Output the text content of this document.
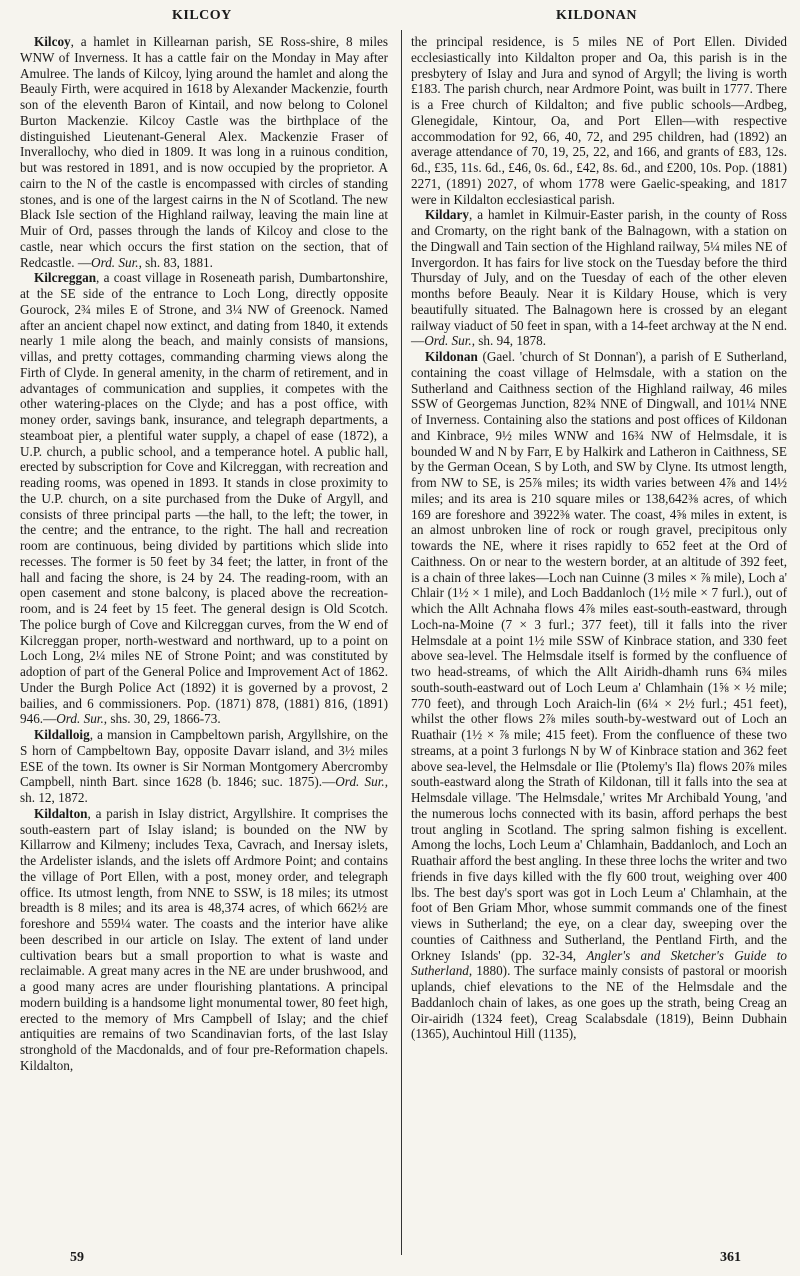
KILCOY	KILDONAN

Kilcoy, a hamlet in Killearnan parish, SE Ross-shire, 8 miles WNW of Inverness. It has a cattle fair on the Monday in May after Amulree. The lands of Kilcoy, lying around the hamlet and along the Beauly Firth, were acquired in 1618 by Alexander Mackenzie, fourth son of the eleventh Baron of Kintail, and now belong to Colonel Burton Mackenzie. Kilcoy Castle was the birthplace of the distinguished Lieutenant-General Alex. Mackenzie Fraser of Inverallochy, who died in 1809. It was long in a ruinous condition, but was restored in 1891, and is now occupied by the proprietor. A cairn to the N of the castle is encompassed with circles of standing stones, and is one of the largest cairns in the N of Scotland. The new Black Isle section of the Highland railway, leaving the main line at Muir of Ord, passes through the lands of Kilcoy and close to the castle, near which occurs the first station on the section, that of Redcastle. —Ord. Sur., sh. 83, 1881.

Kilcreggan, a coast village in Roseneath parish, Dumbartonshire, at the SE side of the entrance to Loch Long, directly opposite Gourock, 2¾ miles E of Strone, and 3¼ NW of Greenock. Named after an ancient chapel now extinct, and dating from 1840, it extends nearly 1 mile along the beach, and mainly consists of mansions, villas, and pretty cottages, commanding charming views along the Firth of Clyde. In general amenity, in the charm of retirement, and in advantages of communication and supplies, it competes with the other watering-places on the Clyde; and has a post office, with money order, savings bank, insurance, and telegraph departments, a steamboat pier, a plentiful water supply, a chapel of ease (1872), a U.P. church, a public school, and a temperance hotel. A public hall, erected by subscription for Cove and Kilcreggan, with recreation and reading rooms, was opened in 1893. It stands in close proximity to the U.P. church, on a site purchased from the Duke of Argyll, and consists of three principal parts —the hall, to the left; the tower, in the centre; and the entrance, to the right. The hall and recreation room are continuous, being divided by partitions which slide into recesses. The former is 50 feet by 34 feet; the latter, in front of the hall and facing the shore, is 24 by 24. The reading-room, with an open casement and stone balcony, is placed above the recreation-room, and is 24 feet by 15 feet. The general design is Old Scotch. The police burgh of Cove and Kilcreggan curves, from the W end of Kilcreggan proper, north-westward and northward, up to a point on Loch Long, 2¼ miles NE of Strone Point; and was constituted by adoption of part of the General Police and Improvement Act of 1862. Under the Burgh Police Act (1892) it is governed by a provost, 2 bailies, and 6 commissioners. Pop. (1871) 878, (1881) 816, (1891) 946.—Ord. Sur., shs. 30, 29, 1866-73.

Kildalloig, a mansion in Campbeltown parish, Argyllshire, on the S horn of Campbeltown Bay, opposite Davarr island, and 3½ miles ESE of the town. Its owner is Sir Norman Montgomery Abercromby Campbell, ninth Bart. since 1628 (b. 1846; suc. 1875).—Ord. Sur., sh. 12, 1872.

Kildalton, a parish in Islay district, Argyllshire. It comprises the south-eastern part of Islay island; is bounded on the NW by Killarrow and Kilmeny; includes Texa, Cavrach, and Inersay islets, the Ardelister islands, and the islets off Ardmore Point; and contains the village of Port Ellen, with a post, money order, and telegraph office. Its utmost length, from NNE to SSW, is 18 miles; its utmost breadth is 8 miles; and its area is 48,374 acres, of which 662½ are foreshore and 559¼ water. The coasts and the interior have alike been described in our article on Islay. The extent of land under cultivation bears but a small proportion to what is waste and reclaimable. A great many acres in the NE are under brushwood, and a good many acres are under flourishing plantations. A principal modern building is a handsome light monumental tower, 80 feet high, erected to the memory of Mrs Campbell of Islay; and the chief antiquities are remains of two Scandinavian forts, of the last Islay stronghold of the Macdonalds, and of four pre-Reformation chapels. Kildalton,

the principal residence, is 5 miles NE of Port Ellen. Divided ecclesiastically into Kildalton proper and Oa, this parish is in the presbytery of Islay and Jura and synod of Argyll; the living is worth £183. The parish church, near Ardmore Point, was built in 1777. There is a Free church of Kildalton; and five public schools—Ardbeg, Glenegidale, Kintour, Oa, and Port Ellen—with respective accommodation for 92, 66, 40, 72, and 295 children, had (1892) an average attendance of 70, 19, 25, 22, and 166, and grants of £83, 12s. 6d., £35, 11s. 6d., £46, 0s. 6d., £42, 8s. 6d., and £200, 10s. Pop. (1881) 2271, (1891) 2027, of whom 1778 were Gaelic-speaking, and 1817 were in Kildalton ecclesiastical parish.

Kildary, a hamlet in Kilmuir-Easter parish, in the county of Ross and Cromarty, on the right bank of the Balnagown, with a station on the Dingwall and Tain section of the Highland railway, 5¼ miles NE of Invergordon. It has fairs for live stock on the Tuesday before the third Thursday of July, and on the Tuesday of each of the other eleven months before Beauly. Near it is Kildary House, which is very beautifully situated. The Balnagown here is crossed by an elegant railway viaduct of 50 feet in span, with a 14-feet archway at the N end.—Ord. Sur., sh. 94, 1878.

Kildonan (Gael. 'church of St Donnan'), a parish of E Sutherland, containing the coast village of Helmsdale, with a station on the Sutherland and Caithness section of the Highland railway, 46 miles SSW of Georgemas Junction, 82¾ NNE of Dingwall, and 101¼ NNE of Inverness. Containing also the stations and post offices of Kildonan and Kinbrace, 9½ miles WNW and 16¾ NW of Helmsdale, it is bounded W and N by Farr, E by Halkirk and Latheron in Caithness, SE by the German Ocean, S by Loth, and SW by Clyne. Its utmost length, from NW to SE, is 25⅞ miles; its width varies between 4⅞ and 14½ miles; and its area is 210 square miles or 138,642⅜ acres, of which 169 are foreshore and 3922⅜ water. The coast, 4⅝ miles in extent, is an almost unbroken line of rock or rough gravel, precipitous only towards the NE, where it rises rapidly to 652 feet at the Ord of Caithness. On or near to the western border, at an altitude of 392 feet, is a chain of three lakes—Loch nan Cuinne (3 miles × ⅞ mile), Loch a' Chlair (1½ × 1 mile), and Loch Baddanloch (1½ mile × 7 furl.), out of which the Allt Achnaha flows 4⅞ miles east-south-eastward, through Loch-na-Moine (7 × 3 furl.; 377 feet), till it falls into the river Helmsdale at a point 1½ mile SSW of Kinbrace station, and 330 feet above sea-level. The Helmsdale itself is formed by the confluence of two head-streams, of which the Allt Airidh-dhamh runs 6¾ miles south-south-eastward out of Loch Leum a' Chlamhain (1⅝ × ½ mile; 770 feet), and through Loch Araich-lin (6¼ × 2½ furl.; 451 feet), whilst the other flows 2⅞ miles south-by-westward out of Loch an Ruathair (1½ × ⅞ mile; 415 feet). From the confluence of these two streams, at a point 3 furlongs N by W of Kinbrace station and 362 feet above sea-level, the Helmsdale or Ilie (Ptolemy's Ila) flows 20⅞ miles south-eastward along the Strath of Kildonan, till it falls into the sea at Helmsdale village. 'The Helmsdale,' writes Mr Archibald Young, 'and the numerous lochs connected with its basin, afford perhaps the best trout angling in Scotland. The spring salmon fishing is excellent. Among the lochs, Loch Leum a' Chlamhain, Baddanloch, and Loch an Ruathair afford the best angling. In these three lochs the writer and two friends in five days killed with the fly 600 trout, weighing over 400 lbs. The best day's sport was got in Loch Leum a' Chlamhain, at the foot of Ben Griam Mhor, whose summit commands one of the finest views in Sutherland; the eye, on a clear day, sweeping over the counties of Caithness and Sutherland, the Pentland Firth, and the Orkney Islands' (pp. 32-34, Angler's and Sketcher's Guide to Sutherland, 1880). The surface mainly consists of pastoral or moorish uplands, chief elevations to the NE of the Helmsdale and the Baddanloch chain of lakes, as one goes up the strath, being Creag an Oir-airidh (1324 feet), Creag Scalabsdale (1819), Beinn Dubhain (1365), Auchintoul Hill (1135),

59	361
